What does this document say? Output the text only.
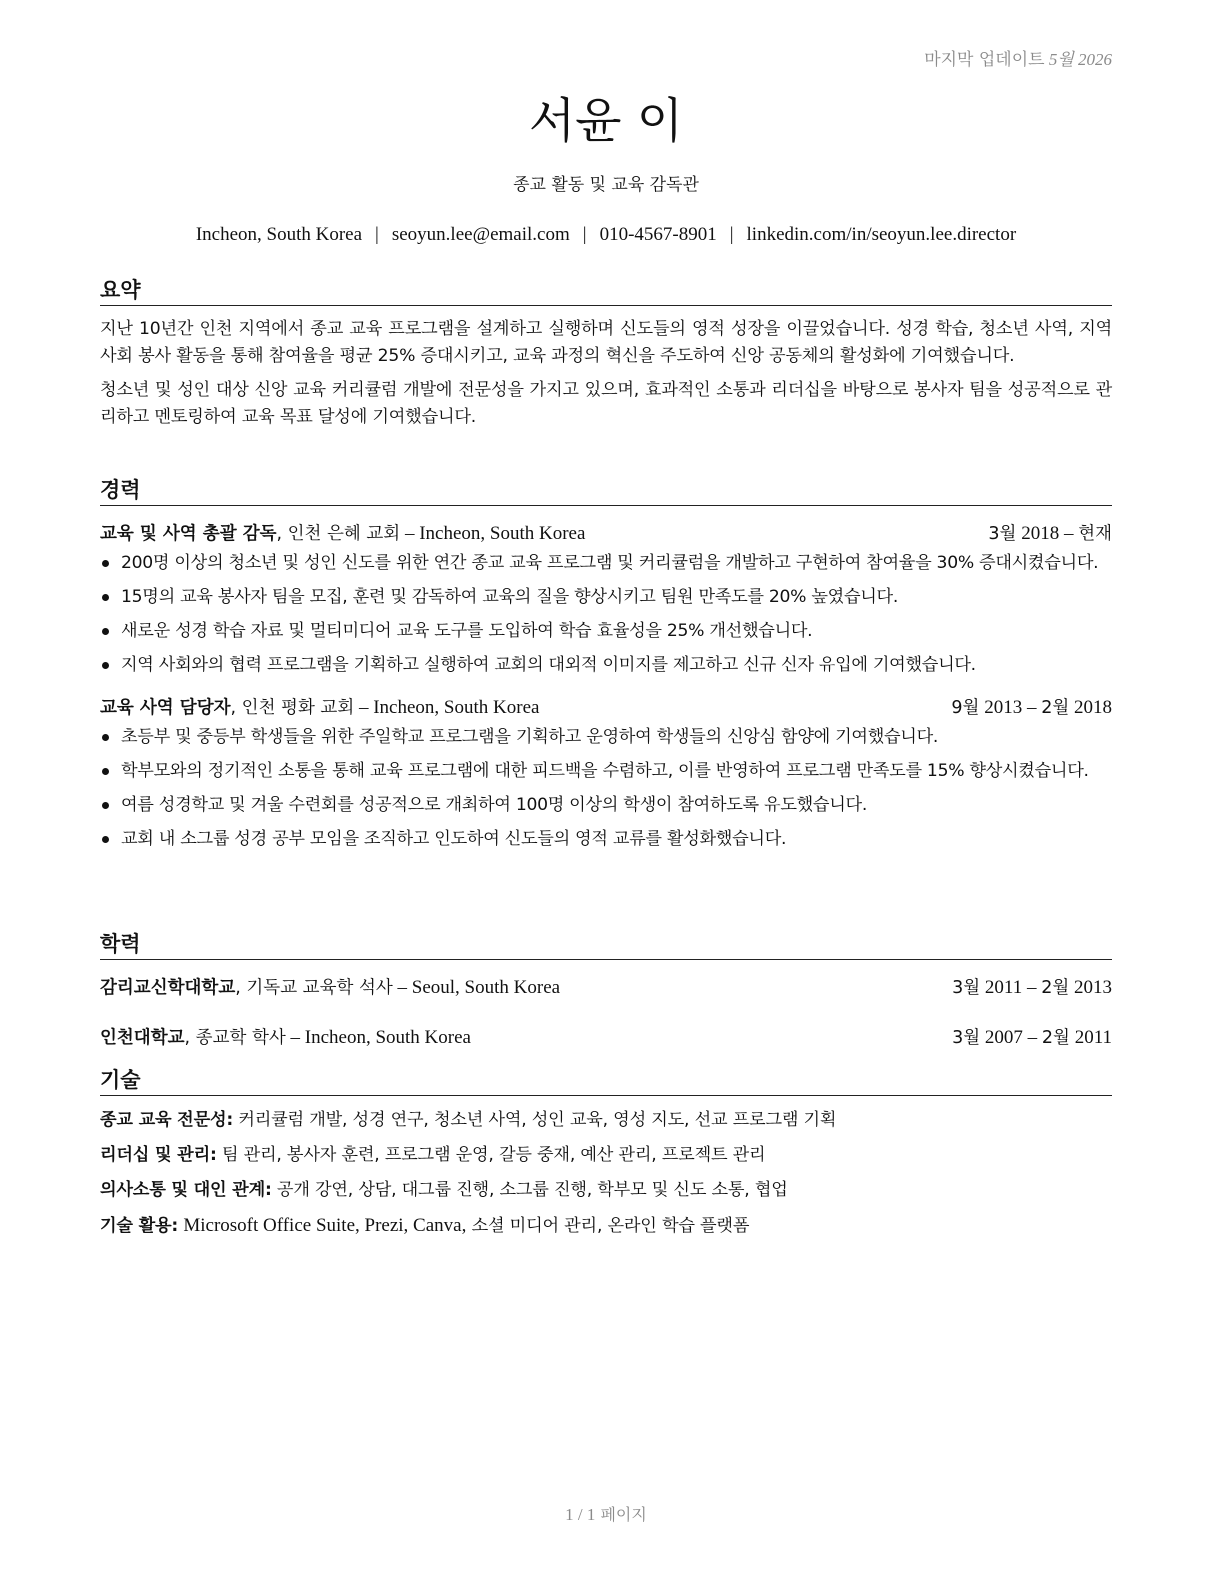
마지막 업데이트 5월 2026
서윤 이
종교 활동 및 교육 감독관
Incheon, South Korea | seoyun.lee@email.com | 010-4567-8901 | linkedin.com/in/seoyun.lee.director
요약

지난 10년간 인천 지역에서 종교 교육 프로그램을 설계하고 실행하며 신도들의 영적 성장을 이끌었습니다. 성경 학습, 청소년 사역, 지역 사회 봉사 활동을 통해 참여율을 평균 25% 증대시키고, 교육 과정의 혁신을 주도하여 신앙 공동체의 활성화에 기여했습니다.

청소년 및 성인 대상 신앙 교육 커리큘럼 개발에 전문성을 가지고 있으며, 효과적인 소통과 리더십을 바탕으로 봉사자 팀을 성공적으로 관리하고 멘토링하여 교육 목표 달성에 기여했습니다.

경력
교육 및 사역 총괄 감독, 인천 은혜 교회 – Incheon, South Korea	3월 2018 – 현재
200명 이상의 청소년 및 성인 신도를 위한 연간 종교 교육 프로그램 및 커리큘럼을 개발하고 구현하여 참여율을 30% 증대시켰습니다.
15명의 교육 봉사자 팀을 모집, 훈련 및 감독하여 교육의 질을 향상시키고 팀원 만족도를 20% 높였습니다.
새로운 성경 학습 자료 및 멀티미디어 교육 도구를 도입하여 학습 효율성을 25% 개선했습니다.
지역 사회와의 협력 프로그램을 기획하고 실행하여 교회의 대외적 이미지를 제고하고 신규 신자 유입에 기여했습니다.
교육 사역 담당자, 인천 평화 교회 – Incheon, South Korea	9월 2013 – 2월 2018
초등부 및 중등부 학생들을 위한 주일학교 프로그램을 기획하고 운영하여 학생들의 신앙심 함양에 기여했습니다.
학부모와의 정기적인 소통을 통해 교육 프로그램에 대한 피드백을 수렴하고, 이를 반영하여 프로그램 만족도를 15% 향상시켰습니다.
여름 성경학교 및 겨울 수련회를 성공적으로 개최하여 100명 이상의 학생이 참여하도록 유도했습니다.
교회 내 소그룹 성경 공부 모임을 조직하고 인도하여 신도들의 영적 교류를 활성화했습니다.
학력
감리교신학대학교, 기독교 교육학 석사 – Seoul, South Korea	3월 2011 – 2월 2013
인천대학교, 종교학 학사 – Incheon, South Korea	3월 2007 – 2월 2011
기술
종교 교육 전문성: 커리큘럼 개발, 성경 연구, 청소년 사역, 성인 교육, 영성 지도, 선교 프로그램 기획
리더십 및 관리: 팀 관리, 봉사자 훈련, 프로그램 운영, 갈등 중재, 예산 관리, 프로젝트 관리
의사소통 및 대인 관계: 공개 강연, 상담, 대그룹 진행, 소그룹 진행, 학부모 및 신도 소통, 협업
기술 활용: Microsoft Office Suite, Prezi, Canva, 소셜 미디어 관리, 온라인 학습 플랫폼
1 / 1 페이지
